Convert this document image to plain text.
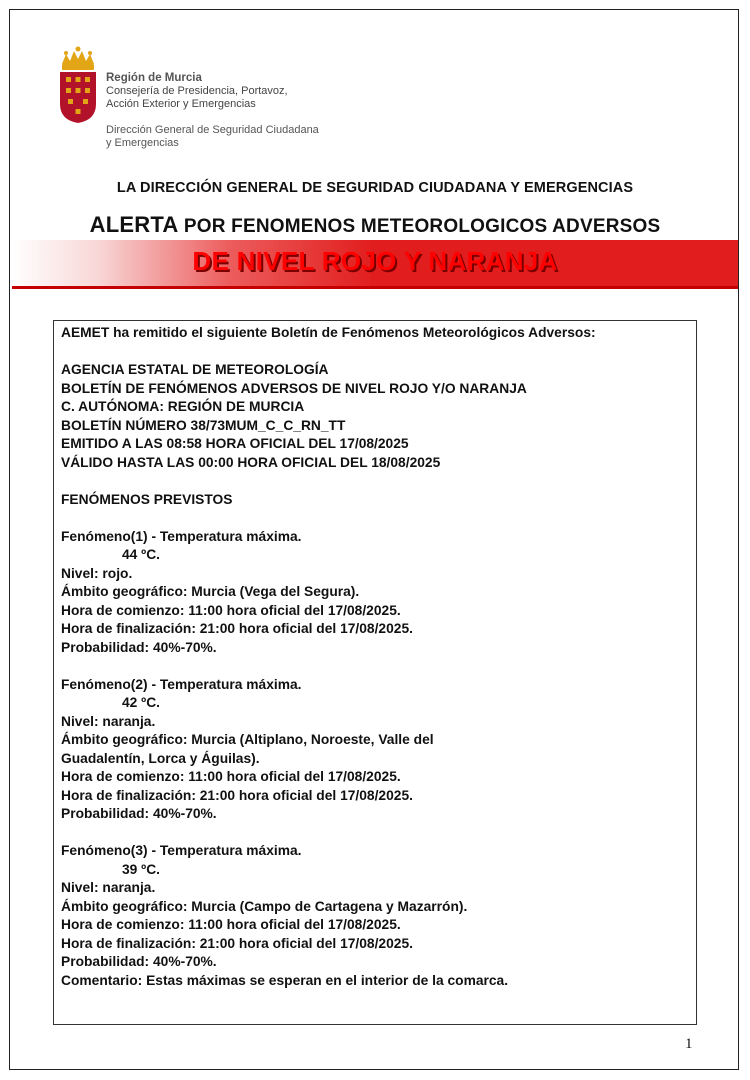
Región de Murcia
Consejería de Presidencia, Portavoz,
Acción Exterior y Emergencias
Dirección General de Seguridad Ciudadana
y Emergencias
LA DIRECCIÓN GENERAL DE SEGURIDAD CIUDADANA Y EMERGENCIAS
ALERTA POR FENOMENOS METEOROLOGICOS ADVERSOS
DE NIVEL ROJO Y NARANJA
AEMET ha remitido el siguiente Boletín de Fenómenos Meteorológicos Adversos:
AGENCIA ESTATAL DE METEOROLOGÍA
BOLETÍN DE FENÓMENOS ADVERSOS DE NIVEL ROJO Y/O NARANJA
C. AUTÓNOMA: REGIÓN DE MURCIA
BOLETÍN NÚMERO 38/73MUM_C_C_RN_TT
EMITIDO A LAS 08:58 HORA OFICIAL DEL 17/08/2025
VÁLIDO HASTA LAS 00:00 HORA OFICIAL DEL 18/08/2025
FENÓMENOS PREVISTOS
Fenómeno(1) - Temperatura máxima.
44 ºC.
Nivel: rojo.
Ámbito geográfico: Murcia (Vega del Segura).
Hora de comienzo: 11:00 hora oficial del 17/08/2025.
Hora de finalización: 21:00 hora oficial del 17/08/2025.
Probabilidad: 40%-70%.
Fenómeno(2) - Temperatura máxima.
42 ºC.
Nivel: naranja.
Ámbito geográfico: Murcia (Altiplano, Noroeste, Valle del
Guadalentín, Lorca y Águilas).
Hora de comienzo: 11:00 hora oficial del 17/08/2025.
Hora de finalización: 21:00 hora oficial del 17/08/2025.
Probabilidad: 40%-70%.
Fenómeno(3) - Temperatura máxima.
39 ºC.
Nivel: naranja.
Ámbito geográfico: Murcia (Campo de Cartagena y Mazarrón).
Hora de comienzo: 11:00 hora oficial del 17/08/2025.
Hora de finalización: 21:00 hora oficial del 17/08/2025.
Probabilidad: 40%-70%.
Comentario: Estas máximas se esperan en el interior de la comarca.
1
